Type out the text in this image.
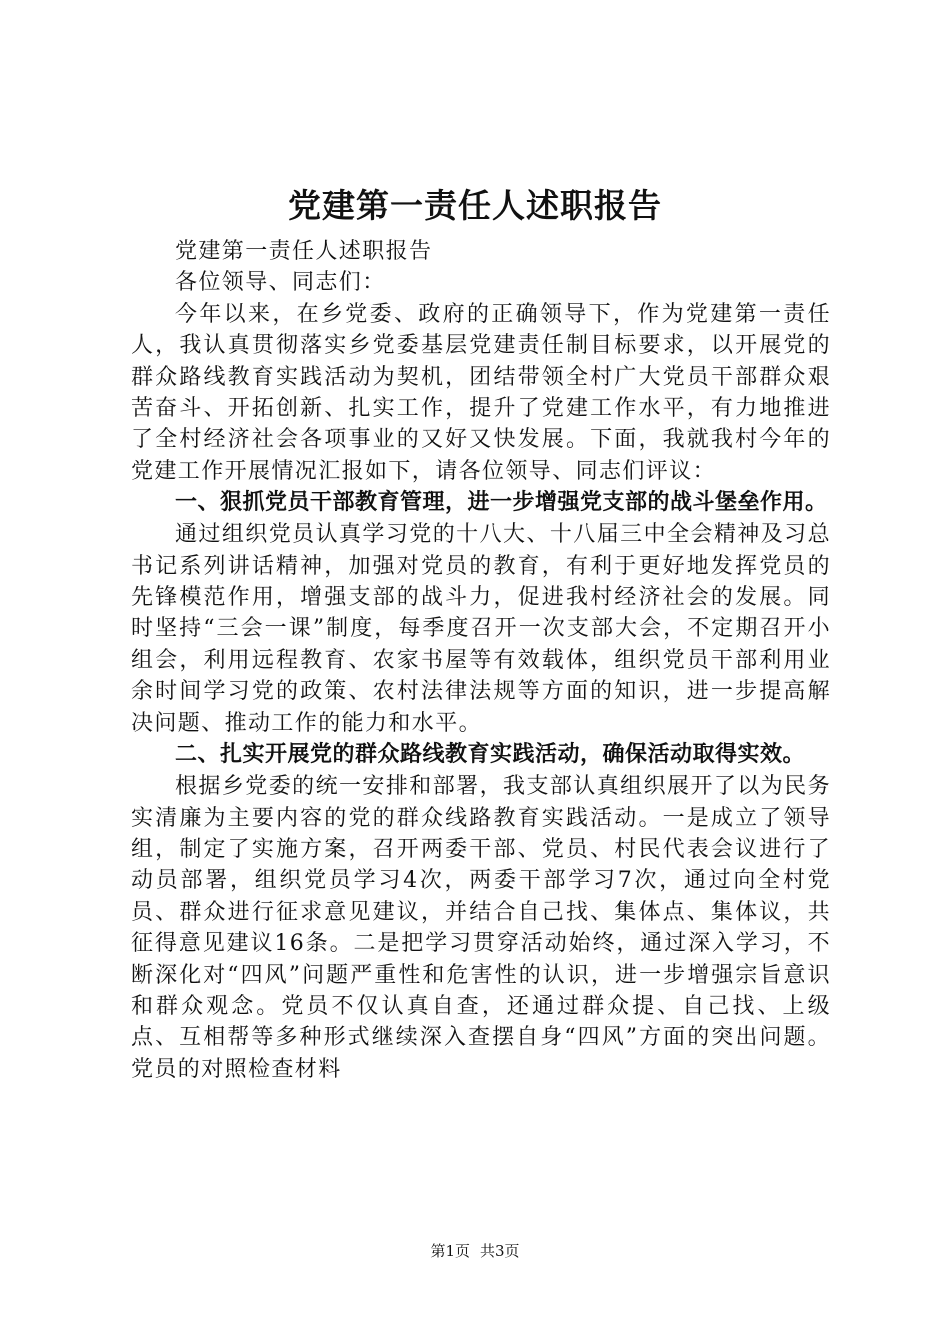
党建第一责任人述职报告

党建第一责任人述职报告

各位领导、同志们：

今年以来，在乡党委、政府的正确领导下，作为党建第一责任人，我认真贯彻落实乡党委基层党建责任制目标要求，以开展党的群众路线教育实践活动为契机，团结带领全村广大党员干部群众艰苦奋斗、开拓创新、扎实工作，提升了党建工作水平，有力地推进了全村经济社会各项事业的又好又快发展。下面，我就我村今年的党建工作开展情况汇报如下，请各位领导、同志们评议：

一、狠抓党员干部教育管理，进一步增强党支部的战斗堡垒作用。

通过组织党员认真学习党的十八大、十八届三中全会精神及习总书记系列讲话精神，加强对党员的教育，有利于更好地发挥党员的先锋模范作用，增强支部的战斗力，促进我村经济社会的发展。同时坚持“三会一课”制度，每季度召开一次支部大会，不定期召开小组会，利用远程教育、农家书屋等有效载体，组织党员干部利用业余时间学习党的政策、农村法律法规等方面的知识，进一步提高解决问题、推动工作的能力和水平。

二、扎实开展党的群众路线教育实践活动，确保活动取得实效。

根据乡党委的统一安排和部署，我支部认真组织展开了以为民务实清廉为主要内容的党的群众线路教育实践活动。一是成立了领导组，制定了实施方案，召开两委干部、党员、村民代表会议进行了动员部署，组织党员学习4次，两委干部学习7次，通过向全村党员、群众进行征求意见建议，并结合自己找、集体点、集体议，共征得意见建议16条。二是把学习贯穿活动始终，通过深入学习，不断深化对“四风”问题严重性和危害性的认识，进一步增强宗旨意识和群众观念。党员不仅认真自查，还通过群众提、自己找、上级点、互相帮等多种形式继续深入查摆自身“四风”方面的突出问题。党员的对照检查材料

第1页 共3页
